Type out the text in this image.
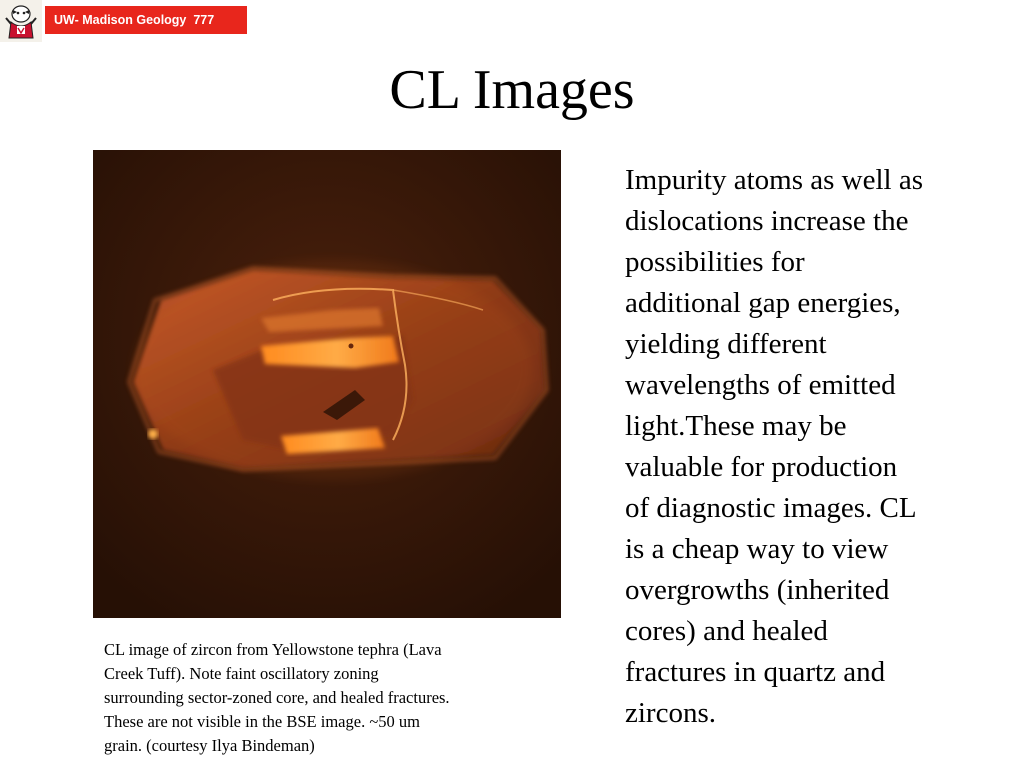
UW- Madison Geology  777
CL Images
CL image of zircon from Yellowstone tephra (Lava
Creek Tuff). Note faint oscillatory zoning
surrounding sector-zoned core, and healed fractures.
These are not visible in the BSE image. ~50 um
grain. (courtesy Ilya Bindeman)
Impurity atoms as well as
dislocations increase the
possibilities for
additional gap energies,
yielding different
wavelengths of emitted
light.These may be
valuable for production
of diagnostic images. CL
is a cheap way to view
overgrowths (inherited
cores) and healed
fractures in quartz and
zircons.
